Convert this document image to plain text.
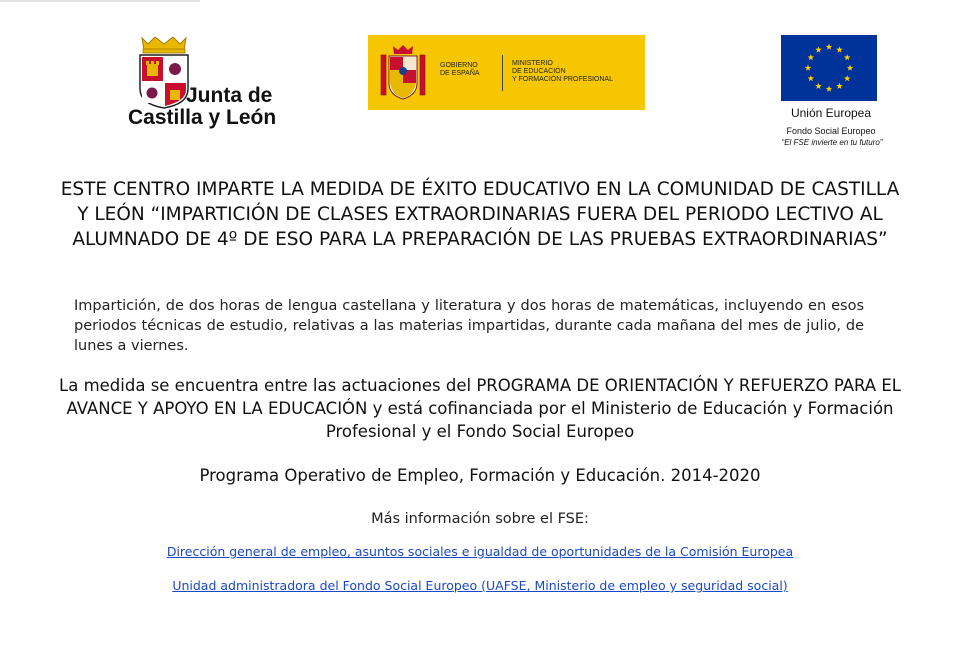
Junta de
Castilla y León
GOBIERNO
DE ESPAÑA
MINISTERIO
DE EDUCACIÓN
Y FORMACIÓN PROFESIONAL
Unión Europea
Fondo Social Europeo
“El FSE invierte en tu futuro”
ESTE CENTRO IMPARTE LA MEDIDA DE ÉXITO EDUCATIVO EN LA COMUNIDAD DE CASTILLA Y LEÓN “IMPARTICIÓN DE CLASES EXTRAORDINARIAS FUERA DEL PERIODO LECTIVO AL ALUMNADO DE 4º DE ESO PARA LA PREPARACIÓN DE LAS PRUEBAS EXTRAORDINARIAS”
Impartición, de dos horas de lengua castellana y literatura y dos horas de matemáticas, incluyendo en esos periodos técnicas de estudio, relativas a las materias impartidas, durante cada mañana del mes de julio, de lunes a viernes.
La medida se encuentra entre las actuaciones del PROGRAMA DE ORIENTACIÓN Y REFUERZO PARA EL AVANCE Y APOYO EN LA EDUCACIÓN y está cofinanciada por el Ministerio de Educación y Formación Profesional y el Fondo Social Europeo
Programa Operativo de Empleo, Formación y Educación. 2014-2020
Más información sobre el FSE:
Dirección general de empleo, asuntos sociales e igualdad de oportunidades de la Comisión Europea
Unidad administradora del Fondo Social Europeo (UAFSE, Ministerio de empleo y seguridad social)
